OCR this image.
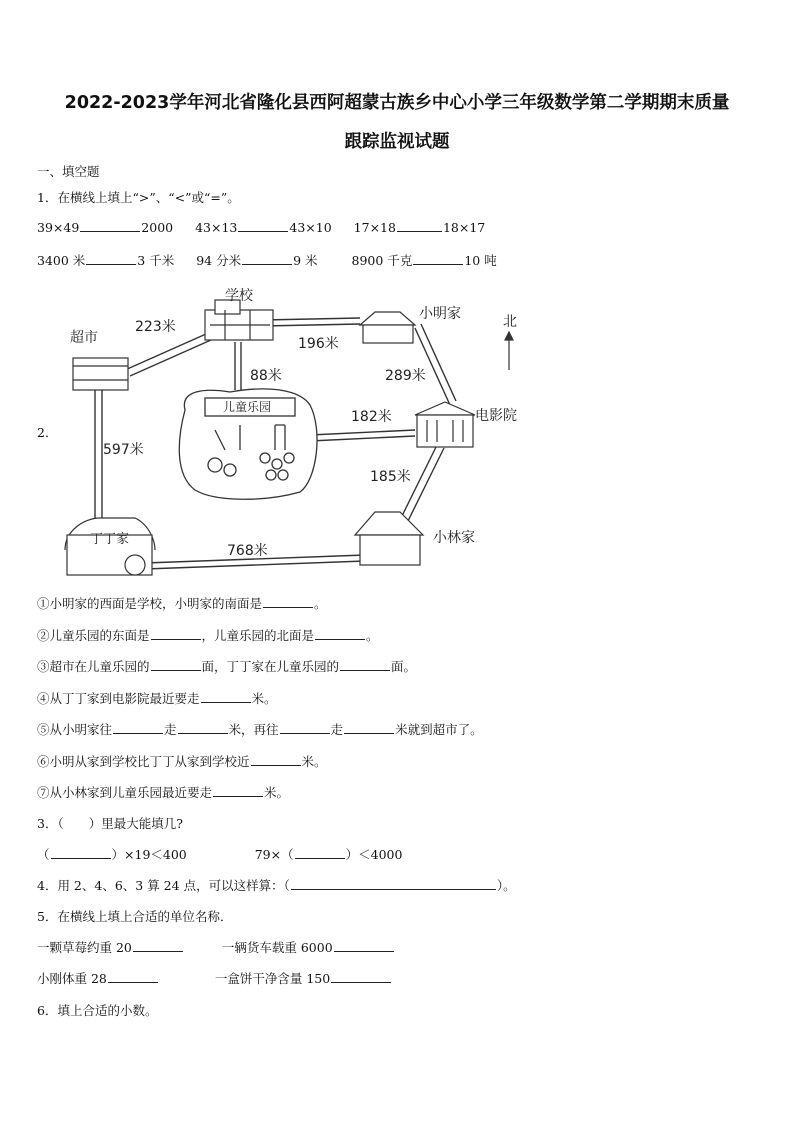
2022-2023学年河北省隆化县西阿超蒙古族乡中心小学三年级数学第二学期期末质量
跟踪监视试题
一、填空题
1．在横线上填上“>”、“<”或“=”。
39×49	2000 43×13	43×10 17×18	18×17
3400 米	3 千米 94 分米	9 米	8900 千克	10 吨
2．
北
学校
小明家
超市
儿童乐园
电影院
丁丁家	小林家
223米
196米
88米	289米
182米
597米
185米
768米
①小明家的西面是学校，小明家的南面是	。
②儿童乐园的东面是	，儿童乐园的北面是	。
③超市在儿童乐园的	面，丁丁家在儿童乐园的	面。
④从丁丁家到电影院最近要走	米。
⑤从小明家往	走	米，再往	走	米就到超市了。
⑥小明从家到学校比丁丁从家到学校近	米。
⑦从小林家到儿童乐园最近要走	米。
3．（　　）里最大能填几?
（	）×19＜400	79×（	）＜4000
4．用 2、4、6、3 算 24 点，可以这样算：（	）。
5．在横线上填上合适的单位名称．
一颗草莓约重 20	一辆货车载重 6000
小刚体重 28	一盒饼干净含量 150
6．填上合适的小数。
